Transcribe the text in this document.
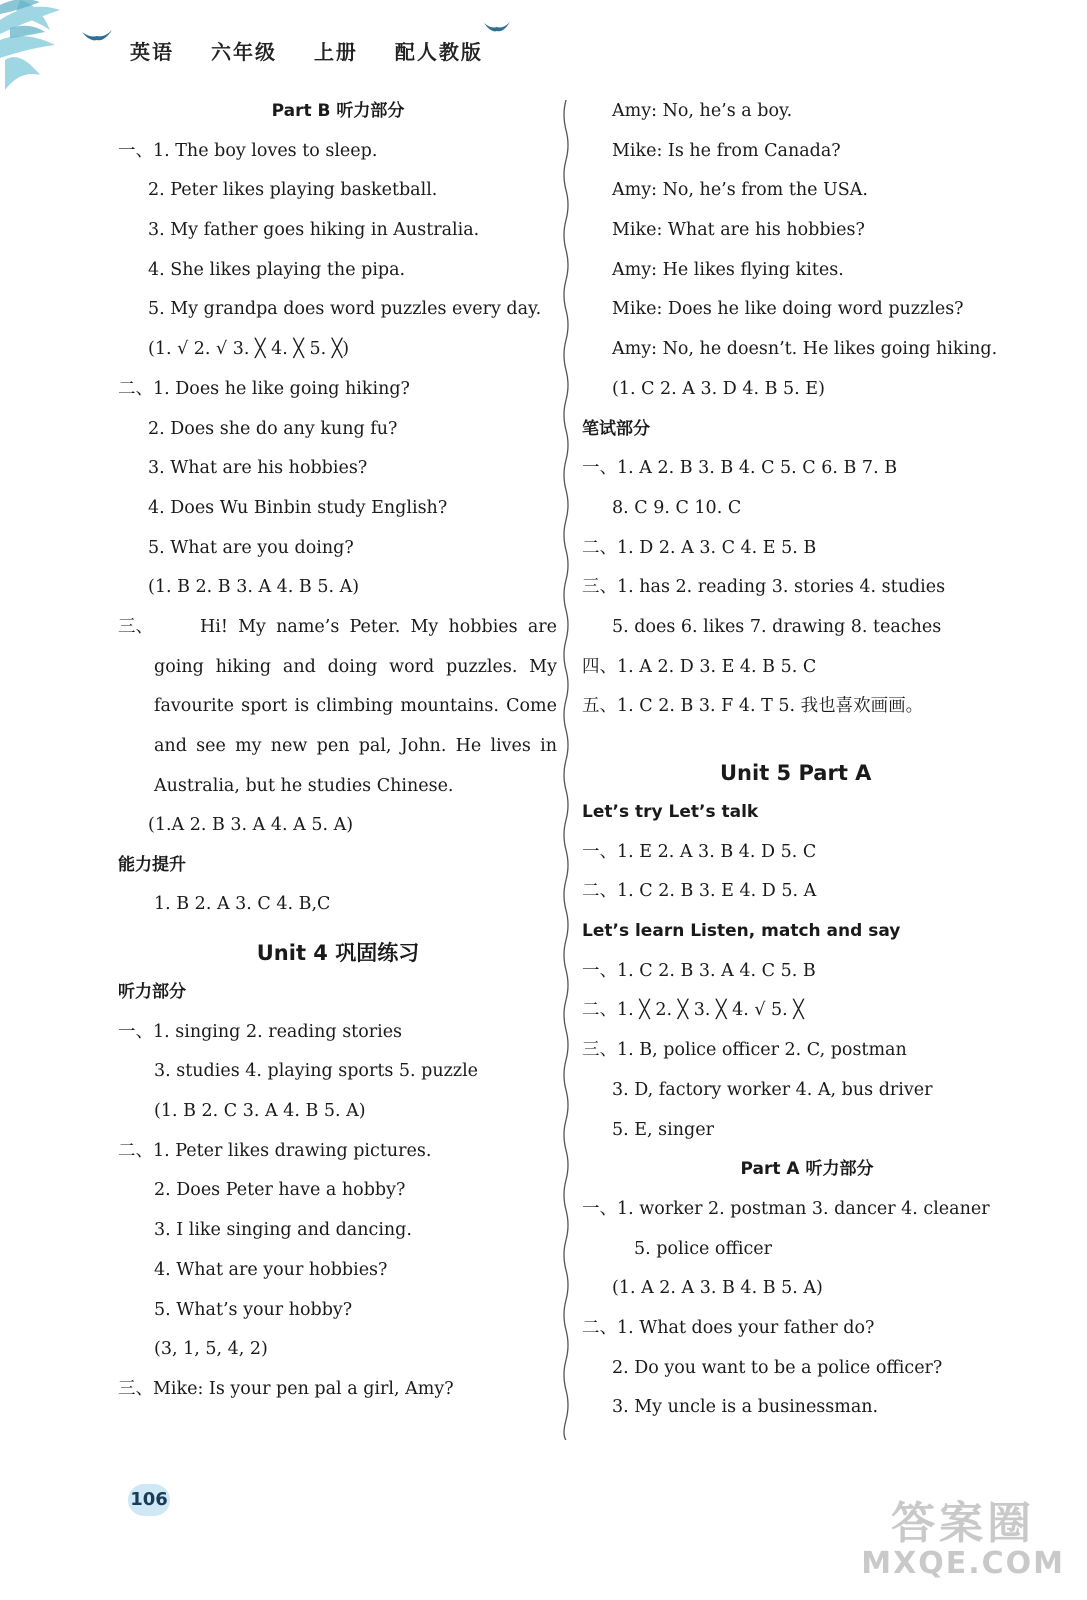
英语 六年级 上册 配人教版
Part B 听力部分
一、1. The boy loves to sleep.
2. Peter likes playing basketball.
3. My father goes hiking in Australia.
4. She likes playing the pipa.
5. My grandpa does word puzzles every day.
(1. √ 2. √ 3. ╳ 4. ╳ 5. ╳)
二、1. Does he like going hiking?
2. Does she do any kung fu?
3. What are his hobbies?
4. Does Wu Binbin study English?
5. What are you doing?
(1. B 2. B 3. A 4. B 5. A)
三、	Hi! My name’s Peter. My hobbies are going hiking and doing word puzzles. My favourite sport is climbing mountains. Come and see my new pen pal, John. He lives in Australia, but he studies Chinese.
(1.A 2. B 3. A 4. A 5. A)
能力提升
1. B 2. A 3. C 4. B,C
Unit 4 巩固练习
听力部分
一、1. singing 2. reading stories
3. studies 4. playing sports 5. puzzle
(1. B 2. C 3. A 4. B 5. A)
二、1. Peter likes drawing pictures.
2. Does Peter have a hobby?
3. I like singing and dancing.
4. What are your hobbies?
5. What’s your hobby?
(3, 1, 5, 4, 2)
三、Mike: Is your pen pal a girl, Amy?
Amy: No, he’s a boy.
Mike: Is he from Canada?
Amy: No, he’s from the USA.
Mike: What are his hobbies?
Amy: He likes flying kites.
Mike: Does he like doing word puzzles?
Amy: No, he doesn’t. He likes going hiking.
(1. C 2. A 3. D 4. B 5. E)
笔试部分
一、1. A 2. B 3. B 4. C 5. C 6. B 7. B
8. C 9. C 10. C
二、1. D 2. A 3. C 4. E 5. B
三、1. has 2. reading 3. stories 4. studies
5. does 6. likes 7. drawing 8. teaches
四、1. A 2. D 3. E 4. B 5. C
五、1. C 2. B 3. F 4. T 5. 我也喜欢画画。
Unit 5 Part A
Let’s try Let’s talk
一、1. E 2. A 3. B 4. D 5. C
二、1. C 2. B 3. E 4. D 5. A
Let’s learn Listen, match and say
一、1. C 2. B 3. A 4. C 5. B
二、1. ╳ 2. ╳ 3. ╳ 4. √ 5. ╳
三、1. B, police officer 2. C, postman
3. D, factory worker 4. A, bus driver
5. E, singer
Part A 听力部分
一、1. worker 2. postman 3. dancer 4. cleaner
5. police officer
(1. A 2. A 3. B 4. B 5. A)
二、1. What does your father do?
2. Do you want to be a police officer?
3. My uncle is a businessman.
106	答案圈
MXQE.COM
